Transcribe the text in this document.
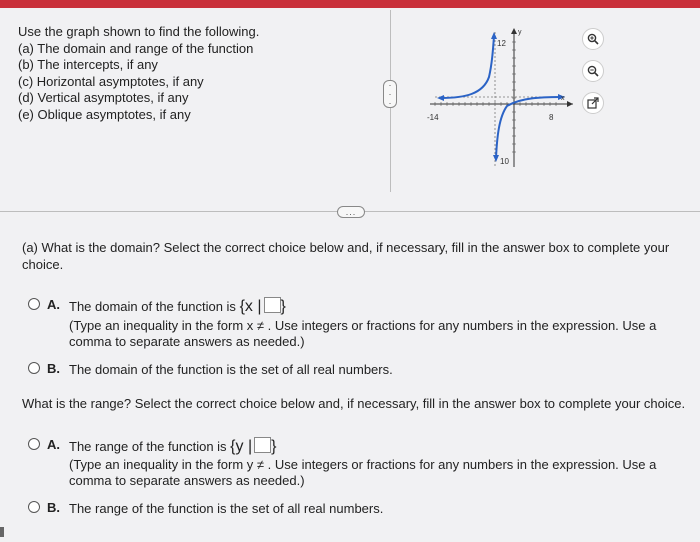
Use the graph shown to find the following.
(a) The domain and range of the function
(b) The intercepts, if any
(c) Horizontal asymptotes, if any
(d) Vertical asymptotes, if any
(e) Oblique asymptotes, if any
·
·
·
12
10
-14	8
x
y
...
(a) What is the domain? Select the correct choice below and, if necessary, fill in the answer box to complete your choice.
A. The domain of the function is {x | }
(Type an inequality in the form x ≠ . Use integers or fractions for any numbers in the expression. Use a
comma to separate answers as needed.)
B. The domain of the function is the set of all real numbers.
What is the range? Select the correct choice below and, if necessary, fill in the answer box to complete your choice.
A. The range of the function is {y | }
(Type an inequality in the form y ≠ . Use integers or fractions for any numbers in the expression. Use a
comma to separate answers as needed.)
B. The range of the function is the set of all real numbers.
